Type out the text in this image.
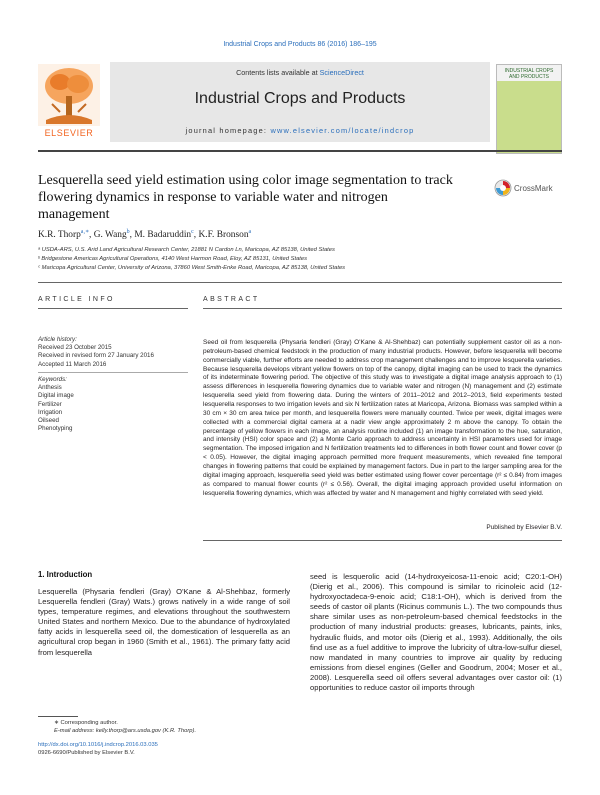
Industrial Crops and Products 86 (2016) 186–195
Contents lists available at ScienceDirect
Industrial Crops and Products
journal homepage: www.elsevier.com/locate/indcrop
ELSEVIER
INDUSTRIAL CROPS AND PRODUCTS
Lesquerella seed yield estimation using color image segmentation to track flowering dynamics in response to variable water and nitrogen management
CrossMark
K.R. Thorp$^{a,∗}$, G. Wang$^b$, M. Badaruddin$^c$, K.F. Bronson$^a$
ᵃ USDA-ARS, U.S. Arid Land Agricultural Research Center, 21881 N Cardon Ln, Maricopa, AZ 85138, United States
ᵇ Bridgestone Americas Agricultural Operations, 4140 West Harmon Road, Eloy, AZ 85131, United States
ᶜ Maricopa Agricultural Center, University of Arizona, 37860 West Smith-Enke Road, Maricopa, AZ 85138, United States
ARTICLE INFO	ABSTRACT
Article history:
Received 23 October 2015
Received in revised form 27 January 2016
Accepted 11 March 2016
Keywords:
Anthesis
Digital image
Fertilizer
Irrigation
Oilseed
Phenotyping
Seed oil from lesquerella (Physaria fendleri (Gray) O'Kane & Al-Shehbaz) can potentially supplement castor oil as a non-petroleum-based chemical feedstock in the production of many industrial products. However, before lesquerella will become commercially viable, further efforts are needed to address crop management challenges and to improve lesquerella varieties. Because lesquerella develops vibrant yellow flowers on top of the canopy, digital imaging can be used to track the dynamics of its indeterminate flowering period. The objective of this study was to investigate a digital image analysis approach to (1) assess differences in lesquerella flowering dynamics due to variable water and nitrogen (N) management and (2) estimate lesquerella seed yield from flowering data. During the winters of 2011–2012 and 2012–2013, field experiments tested lesquerella responses to two irrigation levels and six N fertilization rates at Maricopa, Arizona. Biomass was sampled within a 30 cm × 30 cm area twice per month, and lesquerella flowers were manually counted. Twice per week, digital images were collected with a commercial digital camera at a nadir view angle approximately 2 m above the canopy. To obtain the percentage of yellow flowers in each image, an analysis routine included (1) an image transformation to the hue, saturation, and intensity (HSI) color space and (2) a Monte Carlo approach to address uncertainty in HSI parameters used for image segmentation. The imposed irrigation and N fertilization treatments led to differences in both flower count and flower cover (p < 0.05). However, the digital imaging approach permitted more frequent measurements, which revealed fine temporal changes in flowering patterns that could be explained by management factors. Due in part to the larger sampling area for the digital imaging approach, lesquerella seed yield was better estimated using flower cover percentage (r² ≤ 0.84) from images as compared to manual flower counts (r² ≤ 0.56). Overall, the digital imaging approach provided useful information on lesquerella flowering dynamics, which was affected by water and N management and highly correlated with seed yield.
Published by Elsevier B.V.
1. Introduction
Lesquerella (Physaria fendleri (Gray) O'Kane & Al-Shehbaz, formerly Lesquerella fendleri (Gray) Wats.) grows natively in a wide range of soil types, temperature regimes, and elevations throughout the southwestern United States and northern Mexico. Due to the abundance of hydroxylated fatty acids in lesquerella seed oil, the domestication of lesquerella as an agricultural crop began in 1960 (Smith et al., 1961). The primary fatty acid from lesquerella
seed is lesquerolic acid (14-hydroxyeicosa-11-enoic acid; C20:1-OH) (Dierig et al., 2006). This compound is similar to ricinoleic acid (12-hydroxyoctadeca-9-enoic acid; C18:1-OH), which is derived from the seeds of castor oil plants (Ricinus communis L.). The two compounds thus share similar uses as non-petroleum-based chemical feedstocks in the production of many industrial products: greases, lubricants, paints, inks, hydraulic fluids, and motor oils (Dierig et al., 1993). Additionally, the oils find use as a fuel additive to improve the lubricity of ultra-low-sulfur diesel, now mandated in many countries to improve air quality by reducing emissions from diesel engines (Geller and Goodrum, 2004; Moser et al., 2008). Lesquerella seed oil offers several advantages over castor oil: (1) opportunities to reduce castor oil imports through
∗ Corresponding author.
E-mail address: kelly.thorp@ars.usda.gov (K.R. Thorp).
http://dx.doi.org/10.1016/j.indcrop.2016.03.035
0926-6690/Published by Elsevier B.V.
